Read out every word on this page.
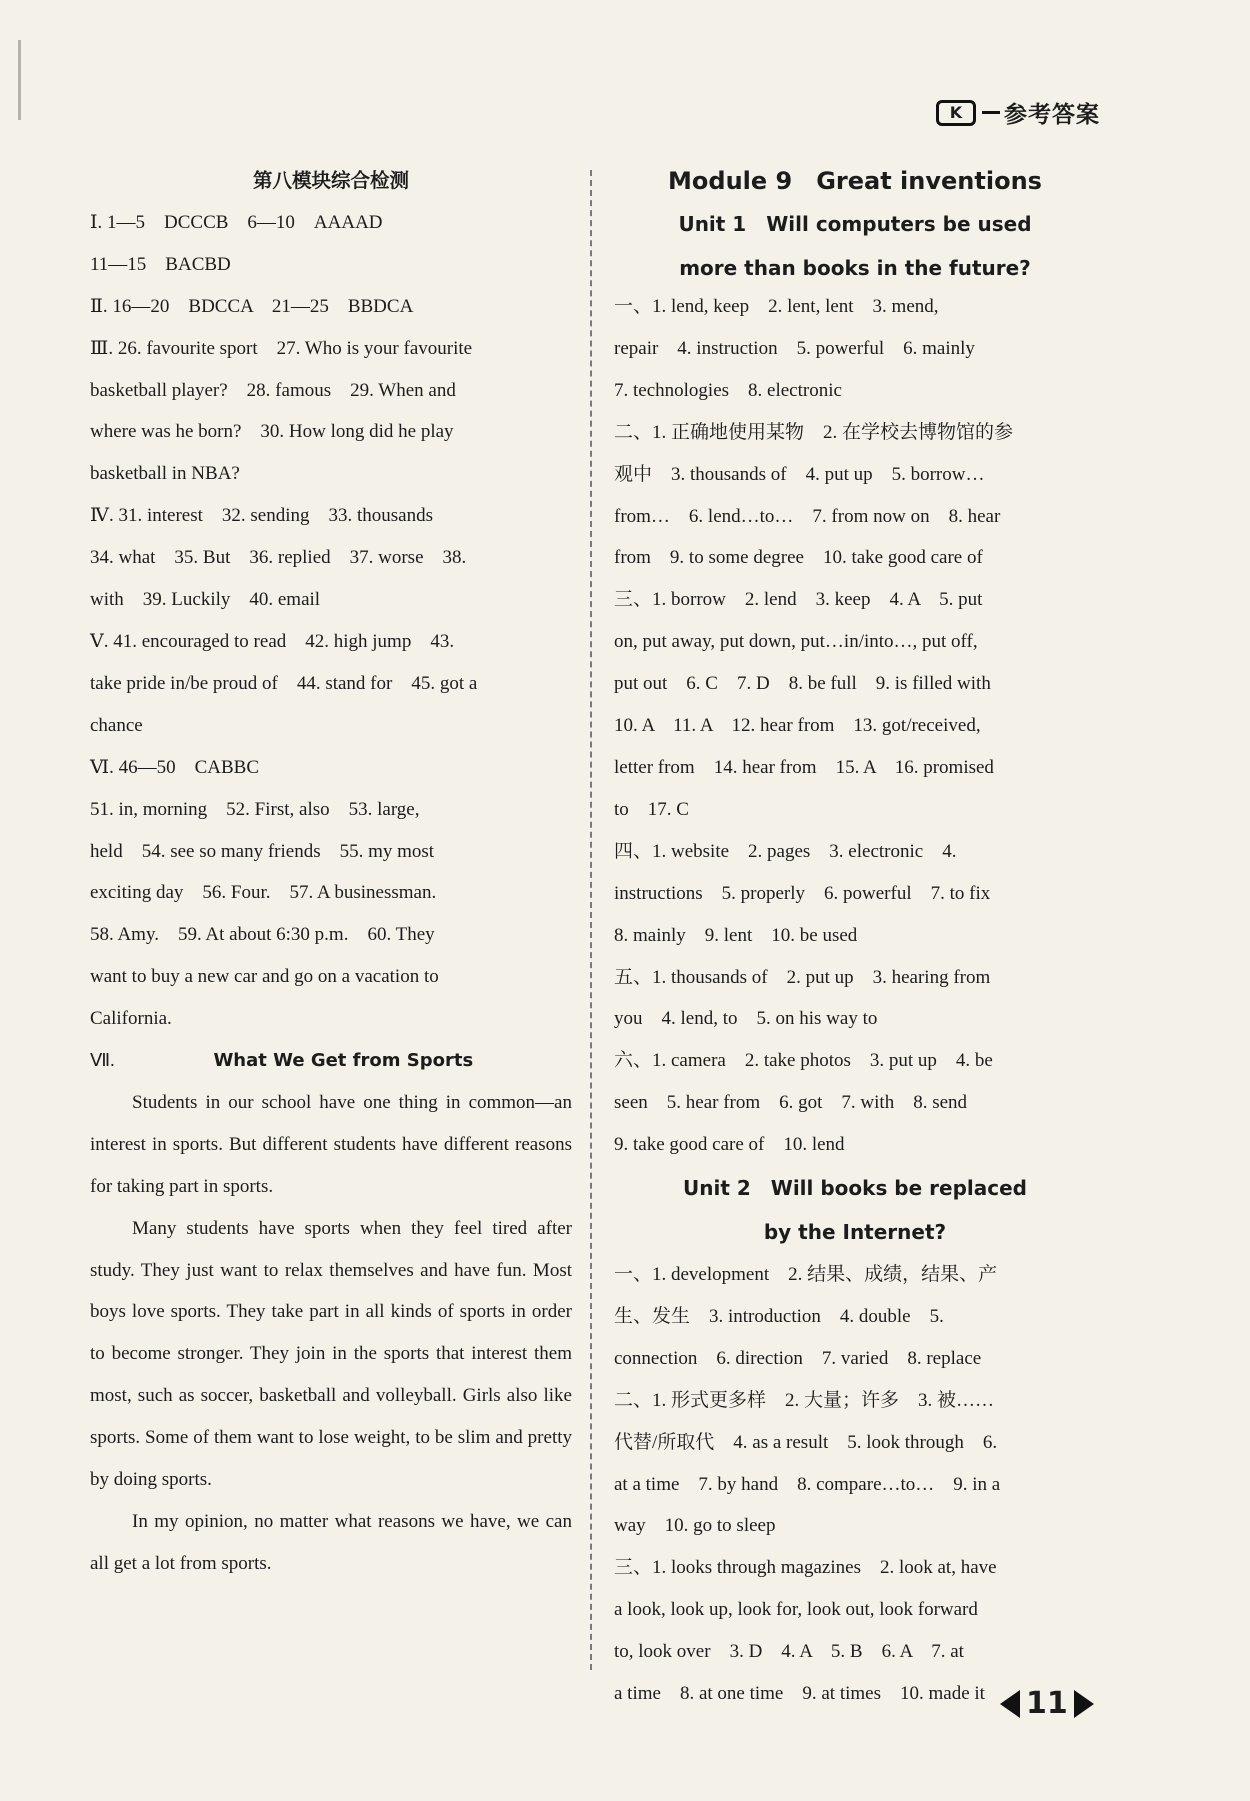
K 参考答案
第八模块综合检测
Ⅰ. 1—5　DCCCB　6—10　AAAAD
11—15　BACBD
Ⅱ. 16—20　BDCCA　21—25　BBDCA
Ⅲ. 26. favourite sport　27. Who is your favourite
basketball player?　28. famous　29. When and
where was he born?　30. How long did he play
basketball in NBA?
Ⅳ. 31. interest　32. sending　33. thousands
34. what　35. But　36. replied　37. worse　38.
with　39. Luckily　40. email
Ⅴ. 41. encouraged to read　42. high jump　43.
take pride in/be proud of　44. stand for　45. got a
chance
Ⅵ. 46—50　CABBC
51. in, morning　52. First, also　53. large,
held　54. see so many friends　55. my most
exciting day　56. Four.　57. A businessman.
58. Amy.　59. At about 6:30 p.m.　60. They
want to buy a new car and go on a vacation to
California.
Ⅶ.	What We Get from Sports
Students in our school have one thing in common—an interest in sports. But different students have different reasons for taking part in sports.
Many students have sports when they feel tired after study. They just want to relax themselves and have fun. Most boys love sports. They take part in all kinds of sports in order to become stronger. They join in the sports that interest them most, such as soccer, basketball and volleyball. Girls also like sports. Some of them want to lose weight, to be slim and pretty by doing sports.
In my opinion, no matter what reasons we have, we can all get a lot from sports.
Module 9　Great inventions
Unit 1　Will computers be used
more than books in the future?
一、1. lend, keep　2. lent, lent　3. mend,
repair　4. instruction　5. powerful　6. mainly
7. technologies　8. electronic
二、1. 正确地使用某物　2. 在学校去博物馆的参
观中　3. thousands of　4. put up　5. borrow…
from…　6. lend…to…　7. from now on　8. hear
from　9. to some degree　10. take good care of
三、1. borrow　2. lend　3. keep　4. A　5. put
on, put away, put down, put…in/into…, put off,
put out　6. C　7. D　8. be full　9. is filled with
10. A　11. A　12. hear from　13. got/received,
letter from　14. hear from　15. A　16. promised
to　17. C
四、1. website　2. pages　3. electronic　4.
instructions　5. properly　6. powerful　7. to fix
8. mainly　9. lent　10. be used
五、1. thousands of　2. put up　3. hearing from
you　4. lend, to　5. on his way to
六、1. camera　2. take photos　3. put up　4. be
seen　5. hear from　6. got　7. with　8. send
9. take good care of　10. lend
Unit 2　Will books be replaced
by the Internet?
一、1. development　2. 结果、成绩，结果、产
生、发生　3. introduction　4. double　5.
connection　6. direction　7. varied　8. replace
二、1. 形式更多样　2. 大量；许多　3. 被……
代替/所取代　4. as a result　5. look through　6.
at a time　7. by hand　8. compare…to…　9. in a
way　10. go to sleep
三、1. looks through magazines　2. look at, have
a look, look up, look for, look out, look forward
to, look over　3. D　4. A　5. B　6. A　7. at
a time　8. at one time　9. at times　10. made it	11
